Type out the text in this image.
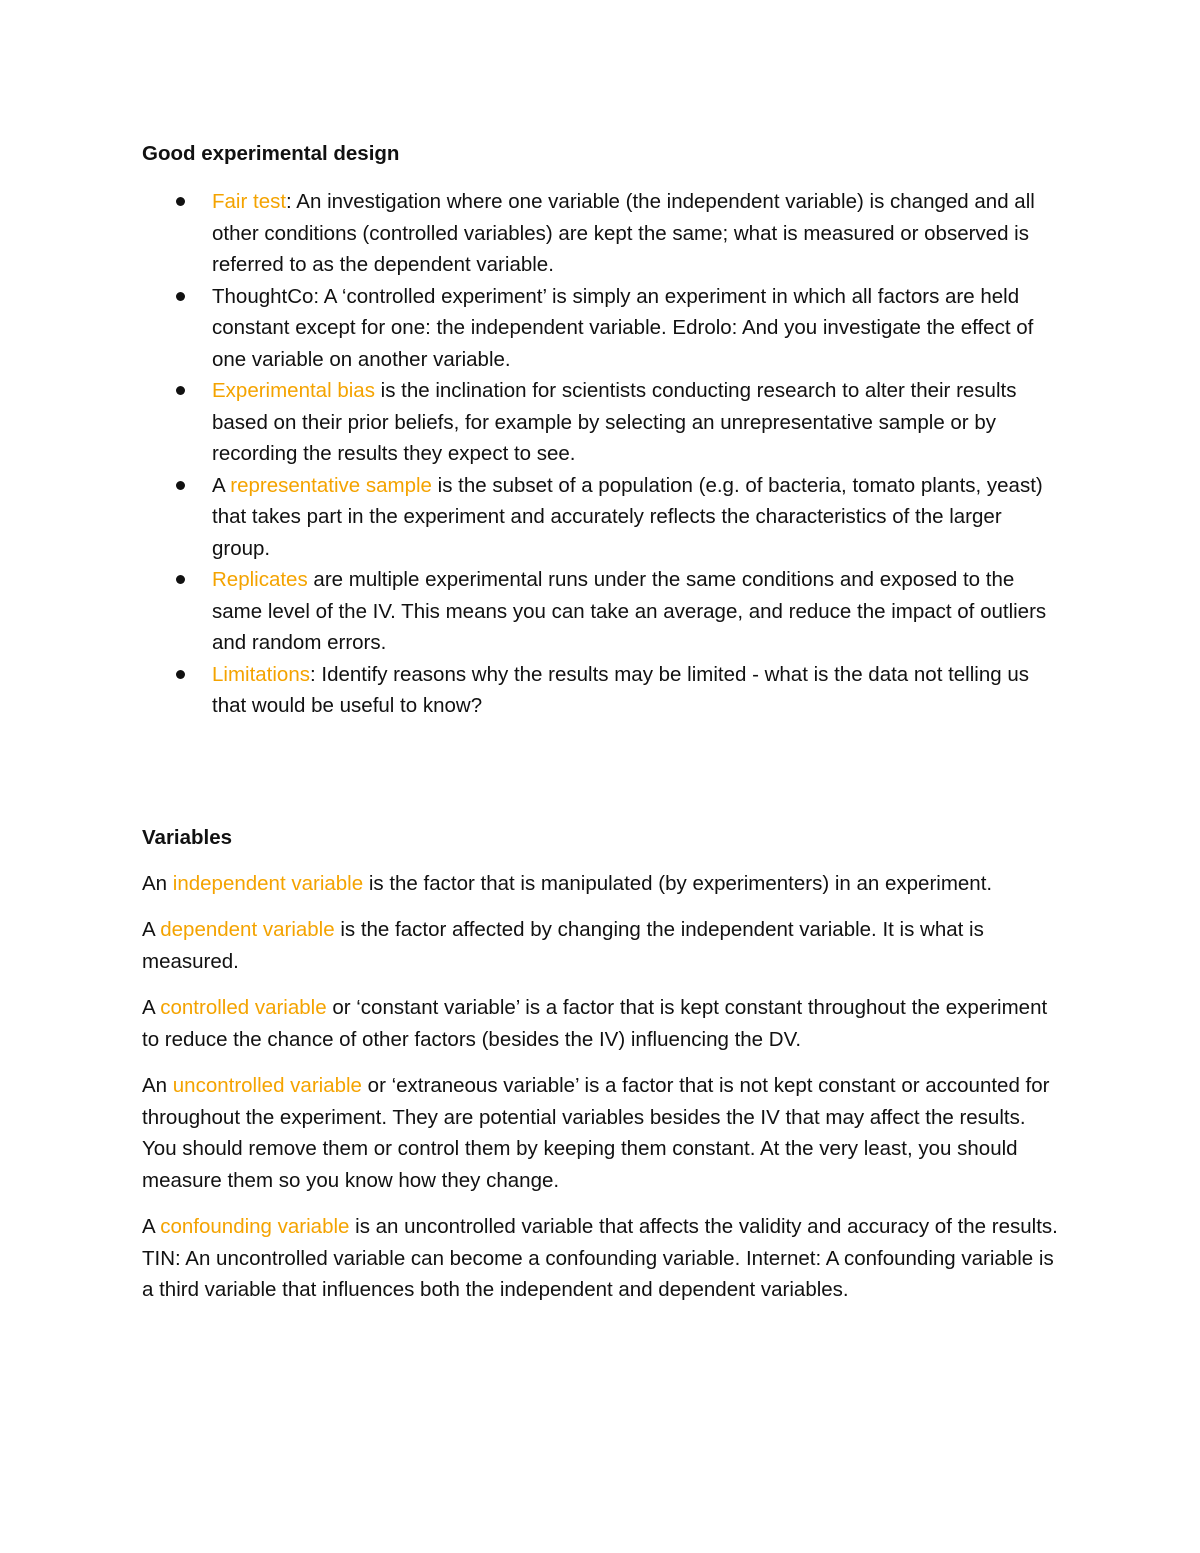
Good experimental design
Fair test: An investigation where one variable (the independent variable) is changed and all other conditions (controlled variables) are kept the same; what is measured or observed is referred to as the dependent variable.
ThoughtCo: A ‘controlled experiment’ is simply an experiment in which all factors are held constant except for one: the independent variable. Edrolo: And you investigate the effect of one variable on another variable.
Experimental bias is the inclination for scientists conducting research to alter their results based on their prior beliefs, for example by selecting an unrepresentative sample or by recording the results they expect to see.
A representative sample is the subset of a population (e.g. of bacteria, tomato plants, yeast) that takes part in the experiment and accurately reflects the characteristics of the larger group.
Replicates are multiple experimental runs under the same conditions and exposed to the same level of the IV. This means you can take an average, and reduce the impact of outliers and random errors.
Limitations: Identify reasons why the results may be limited - what is the data not telling us that would be useful to know?
Variables

An independent variable is the factor that is manipulated (by experimenters) in an experiment.

A dependent variable is the factor affected by changing the independent variable. It is what is measured.

A controlled variable or ‘constant variable’ is a factor that is kept constant throughout the experiment to reduce the chance of other factors (besides the IV) influencing the DV.

An uncontrolled variable or ‘extraneous variable’ is a factor that is not kept constant or accounted for throughout the experiment. They are potential variables besides the IV that may affect the results. You should remove them or control them by keeping them constant. At the very least, you should measure them so you know how they change.

A confounding variable is an uncontrolled variable that affects the validity and accuracy of the results. TIN: An uncontrolled variable can become a confounding variable. Internet: A confounding variable is a third variable that influences both the independent and dependent variables.
